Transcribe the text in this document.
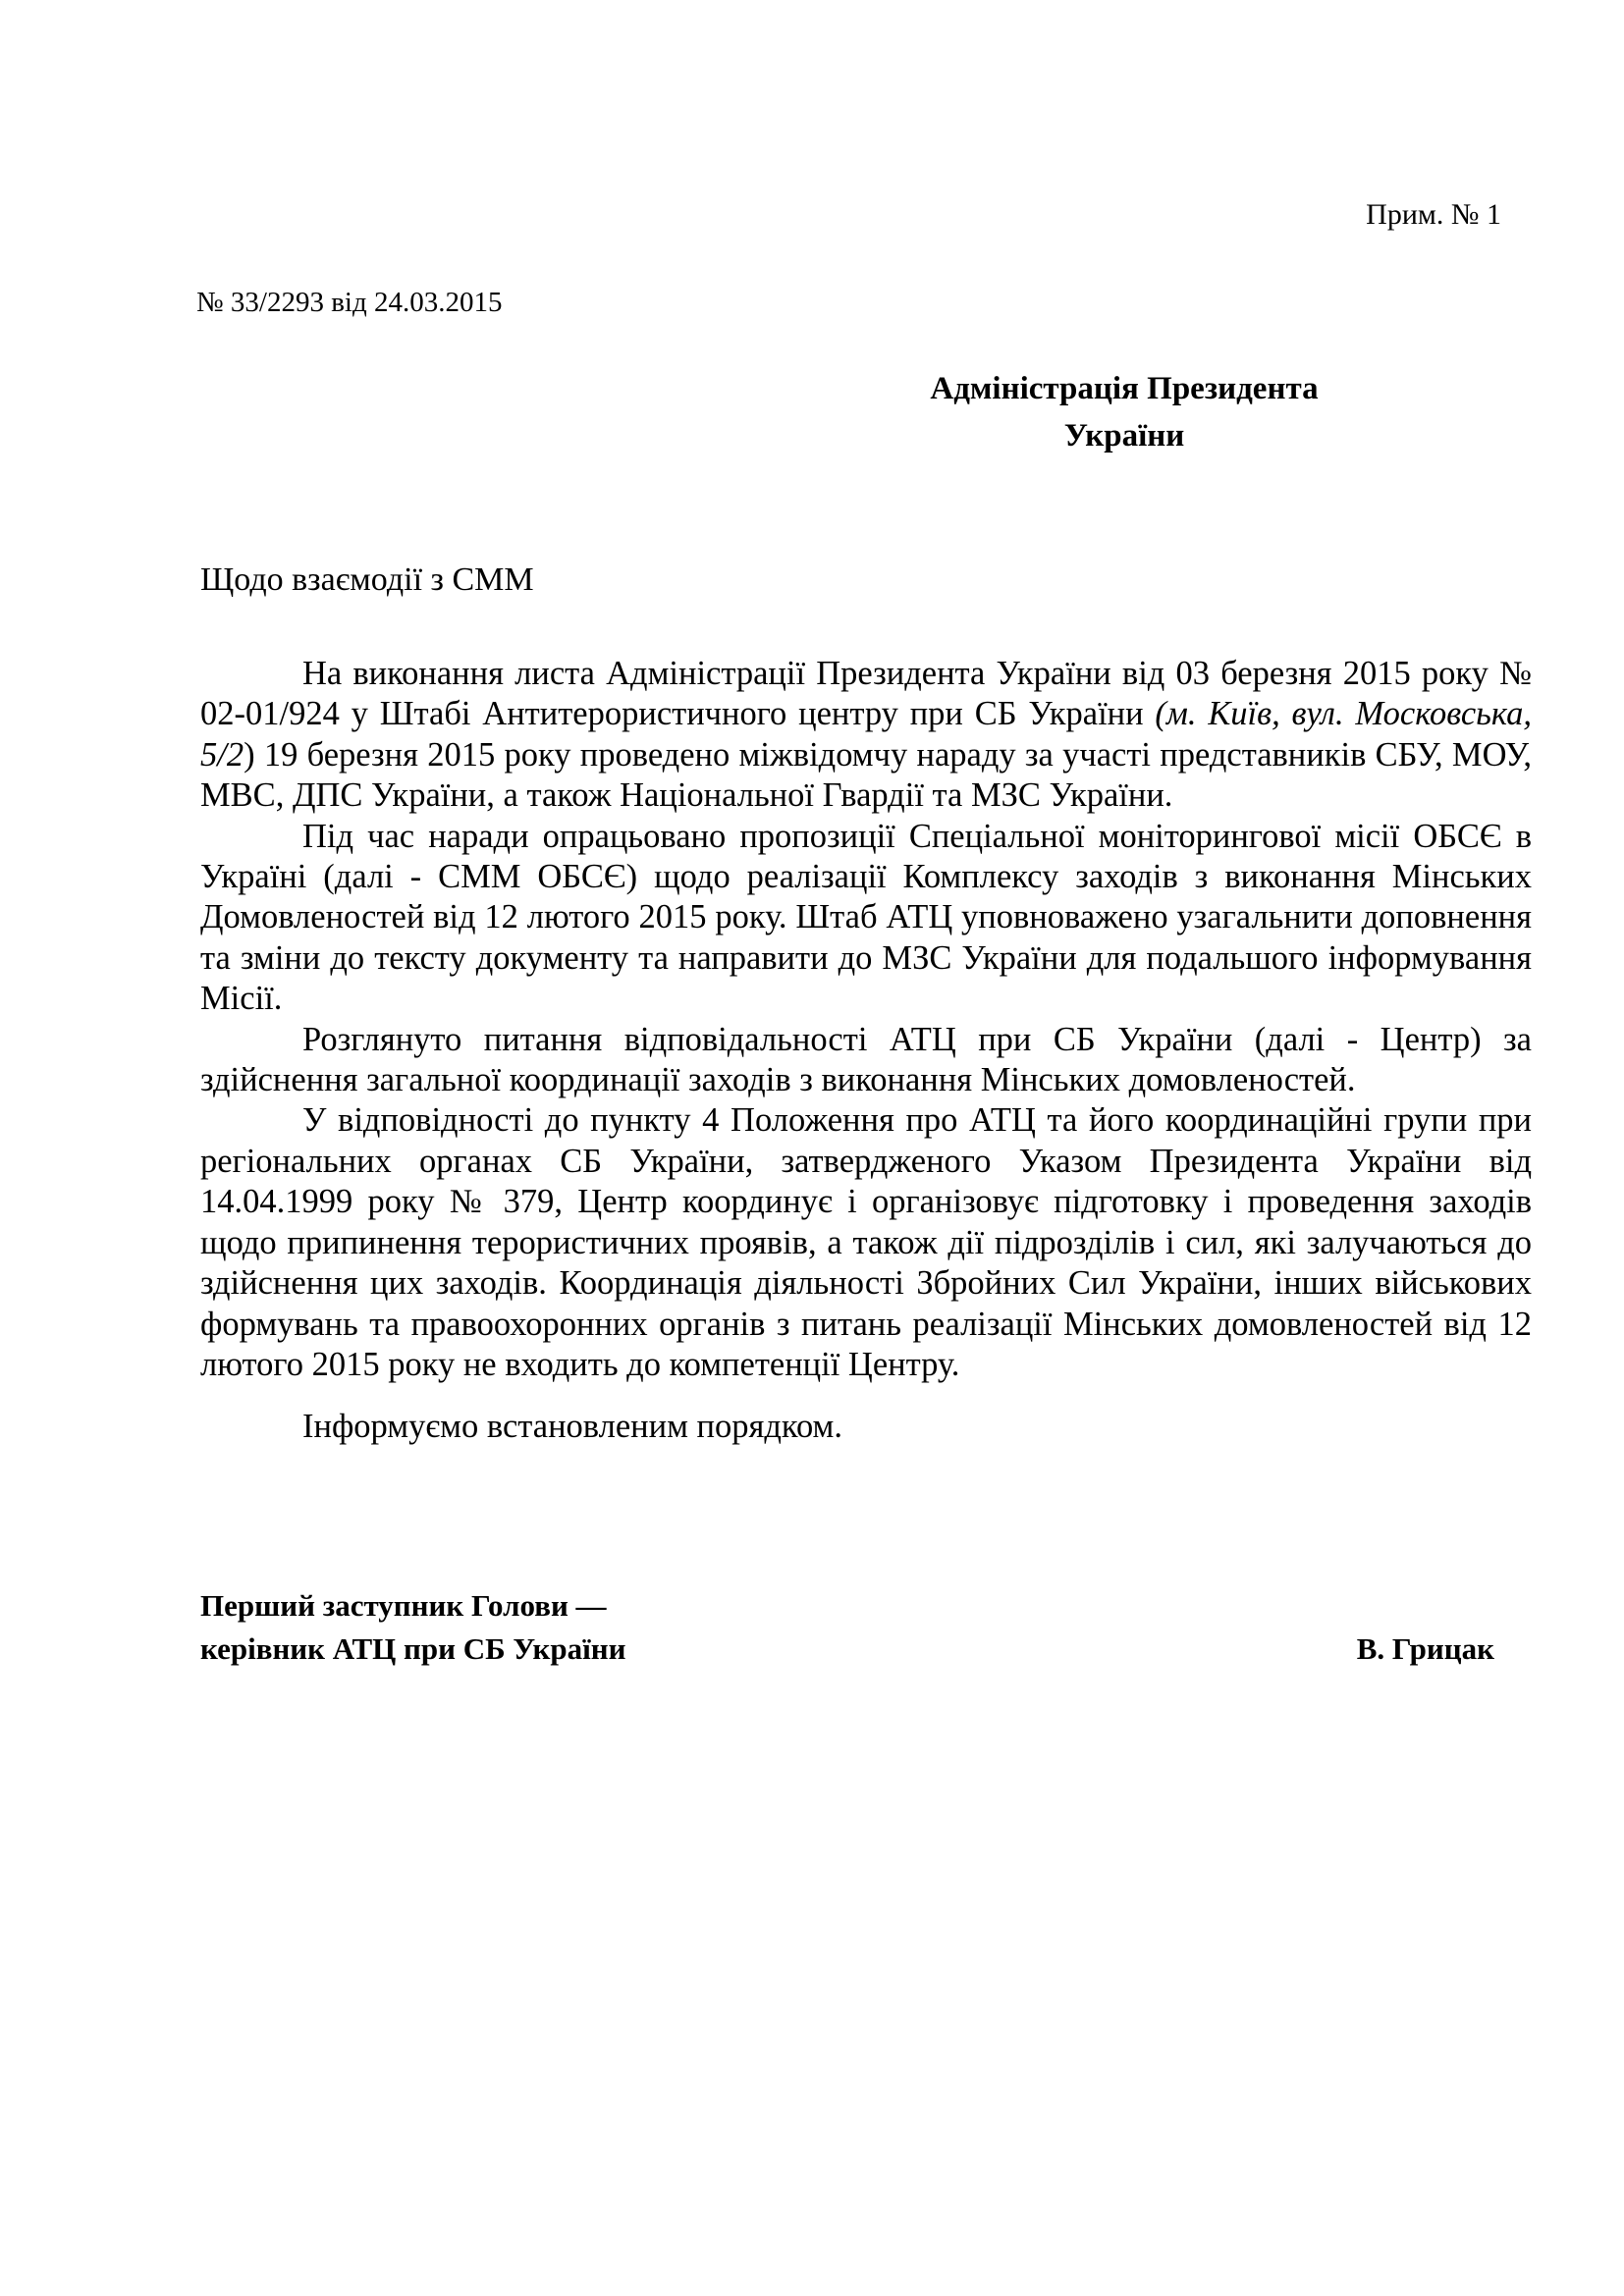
Прим. № 1
№ 33/2293 від 24.03.2015
Адміністрація Президента
України
Щодо взаємодії з СММ

На виконання листа Адміністрації Президента України від 03 березня 2015 року № 02-01/924 у Штабі Антитерористичного центру при СБ України (м. Київ, вул. Московська, 5/2) 19 березня 2015 року проведено міжвідомчу нараду за участі представників СБУ, МОУ, МВС, ДПС України, а також Національної Гвардії та МЗС України.

Під час наради опрацьовано пропозиції Спеціальної моніторингової місії ОБСЄ в Україні (далі - СММ ОБСЄ) щодо реалізації Комплексу заходів з виконання Мінських Домовленостей від 12 лютого 2015 року. Штаб АТЦ уповноважено узагальнити доповнення та зміни до тексту документу та направити до МЗС України для подальшого інформування Місії.

Розглянуто питання відповідальності АТЦ при СБ України (далі - Центр) за здійснення загальної координації заходів з виконання Мінських домовленостей.

У відповідності до пункту 4 Положення про АТЦ та його координаційні групи при регіональних органах СБ України, затвердженого Указом Президента України від 14.04.1999 року № 379, Центр координує і організовує підготовку і проведення заходів щодо припинення терористичних проявів, а також дії підрозділів і сил, які залучаються до здійснення цих заходів. Координація діяльності Збройних Сил України, інших військових формувань та правоохоронних органів з питань реалізації Мінських домовленостей від 12 лютого 2015 року не входить до компетенції Центру.

Інформуємо встановленим порядком.

Перший заступник Голови —
керівник АТЦ при СБ України	В. Грицак
